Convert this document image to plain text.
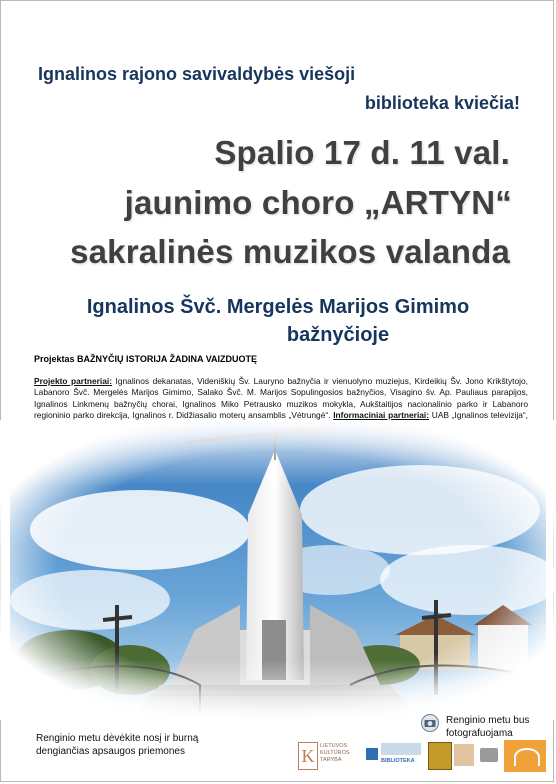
Ignalinos rajono savivaldybės viešoji
biblioteka kviečia!
Spalio 17 d. 11 val.
jaunimo choro „ARTYN“
sakralinės muzikos valanda
Ignalinos Švč. Mergelės Marijos Gimimo
bažnyčioje
Projektas BAŽNYČIŲ ISTORIJA ŽADINA VAIZDUOTĘ
Projekto partneriai: Ignalinos dekanatas, Videniškių Šv. Lauryno bažnyčia ir vienuolyno muziejus, Kirdeikių Šv. Jono Krikštytojo, Labanoro Švč. Mergelės Marijos Gimimo, Salako Švč. M. Marijos Sopulingosios bažnyčios, Visagino šv. Ap. Pauliaus parapijos, Ignalinos Linkmenų bažnyčių chorai, Ignalinos Miko Petrausko muzikos mokykla, Aukštaitijos nacionalinio parko ir Labanoro regioninio parko direkcija, Ignalinos r. Didžiasalio moterų ansamblis „Vėtrungė“. Informaciniai partneriai: UAB „Ignalinos televizija“,
Renginio metu dėvėkite nosį ir burną
dengiančias apsaugos priemones
Renginio metu bus
fotografuojama
K	LIETUVOS KULTŪROS TARYBA	BIBLIOTEKA
